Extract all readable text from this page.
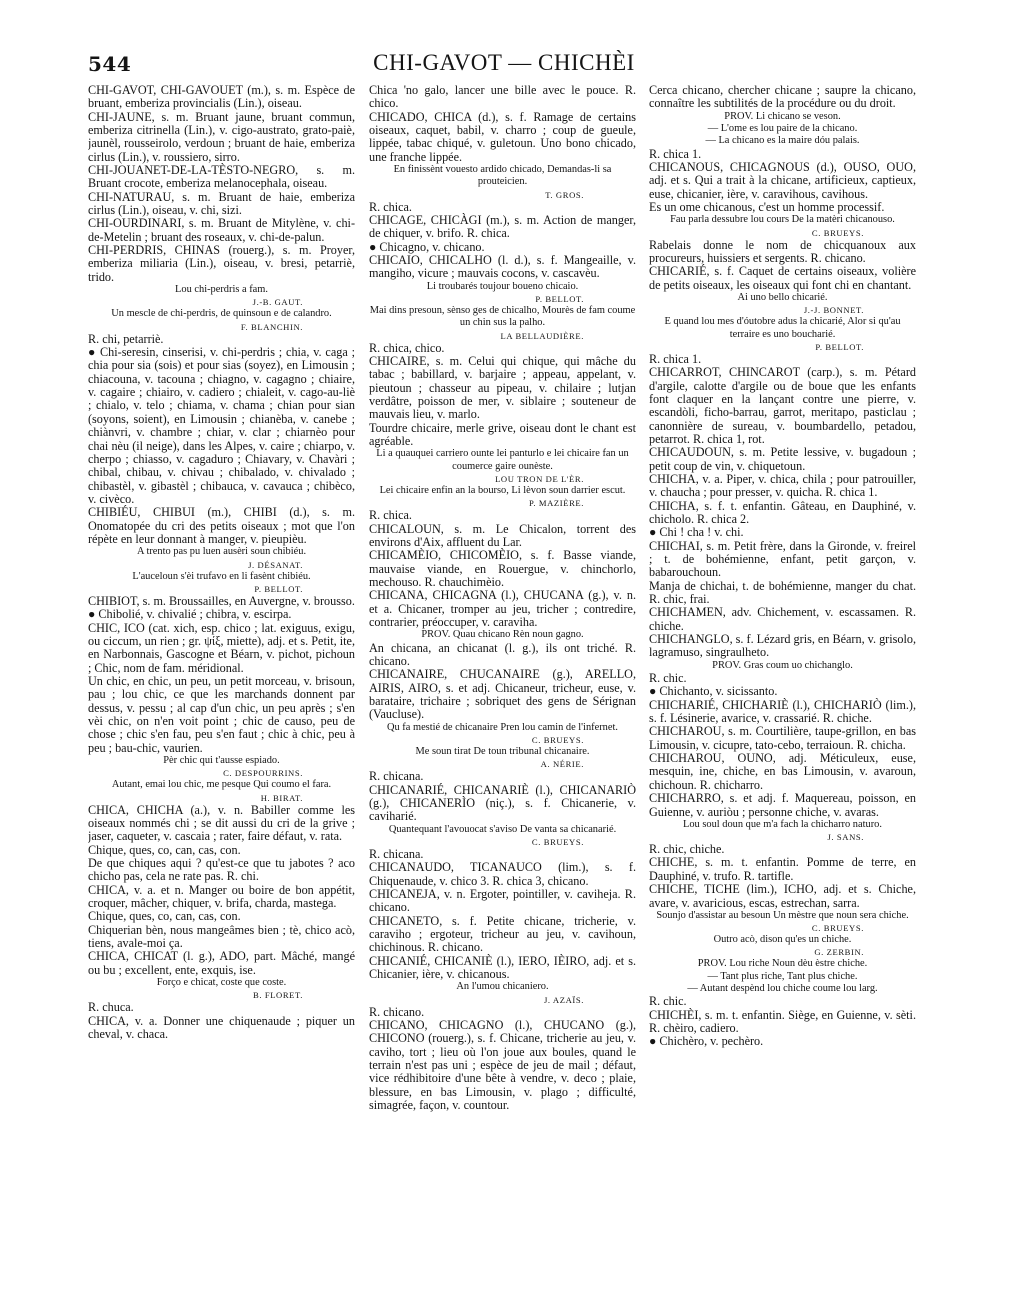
544	CHI-GAVOT — CHICHÈI

CHI-GAVOT, CHI-GAVOUET (m.), s. m. Espèce de bruant, emberiza provincialis (Lin.), oiseau.

CHI-JAUNE, s. m. Bruant jaune, bruant commun, emberiza citrinella (Lin.), v. cigo-austrato, grato-paiè, jaunèl, rousseirolo, verdoun ; bruant de haie, emberiza cirlus (Lin.), v. roussiero, sirro.

CHI-JOUANET-DE-LA-TÈSTO-NEGRO, s. m. Bruant crocote, emberiza melanocephala, oiseau.

CHI-NATURAU, s. m. Bruant de haie, emberiza cirlus (Lin.), oiseau, v. chi, sizi.

CHI-OURDINARI, s. m. Bruant de Mitylène, v. chi-de-Metelin ; bruant des roseaux, v. chi-de-palun.

CHI-PERDRIS, CHINAS (rouerg.), s. m. Proyer, emberiza miliaria (Lin.), oiseau, v. bresi, petarriè, trido.

Lou chi-perdris a fam.

J.-B. GAUT.

Un mescle de chi-perdris, de quinsoun e de calandro.

F. BLANCHIN.

R. chi, petarriè.

● Chi-seresin, cinserisi, v. chi-perdris ; chia, v. caga ; chia pour sia (sois) et pour sias (soyez), en Limousin ; chiacouna, v. tacouna ; chiagno, v. cagagno ; chiaire, v. cagaire ; chiairo, v. cadiero ; chialeit, v. cago-au-liè ; chialo, v. telo ; chiama, v. chama ; chian pour sian (soyons, soient), en Limousin ; chianèba, v. canebe ; chiànvri, v. chambre ; chiar, v. clar ; chiarnèo pour chai nèu (il neige), dans les Alpes, v. caire ; chiarpo, v. cherpo ; chiasso, v. cagaduro ; Chiavary, v. Chavàri ; chibal, chibau, v. chivau ; chibalado, v. chivalado ; chibastèl, v. gibastèl ; chibauca, v. cavauca ; chibèco, v. civèco.

CHIBIÉU, CHIBUI (m.), CHIBI (d.), s. m. Onomatopée du cri des petits oiseaux ; mot que l'on répète en leur donnant à manger, v. pieupièu.

A trento pas pu luen ausèri soun chibiéu.

J. DÉSANAT.

L'auceloun s'èi trufavo en li fasènt chibiéu.

P. BELLOT.

CHIBIOT, s. m. Broussailles, en Auvergne, v. brousso.

● Chibolié, v. chivalié ; chibra, v. escirpa.

CHIC, ICO (cat. xich, esp. chico ; lat. exiguus, exigu, ou ciccum, un rien ; gr. ψίξ, miette), adj. et s. Petit, ite, en Narbonnais, Gascogne et Béarn, v. pichot, pichoun ; Chic, nom de fam. méridional.

Un chic, en chic, un peu, un petit morceau, v. brisoun, pau ; lou chic, ce que les marchands donnent par dessus, v. pessu ; al cap d'un chic, un peu après ; s'en vèi chic, on n'en voit point ; chic de causo, peu de chose ; chic s'en fau, peu s'en faut ; chic à chic, peu à peu ; bau-chic, vaurien.

Pèr chic qui t'ausse espiado.

C. DESPOURRINS.

Autant, emai lou chic, me pesque Qui coumo el fara.

H. BIRAT.

CHICA, CHICHA (a.), v. n. Babiller comme les oiseaux nommés chi ; se dit aussi du cri de la grive ; jaser, caqueter, v. cascaia ; rater, faire défaut, v. rata.

Chique, ques, co, can, cas, con.

De que chiques aqui ? qu'est-ce que tu jabotes ? aco chicho pas, cela ne rate pas. R. chi.

CHICA, v. a. et n. Manger ou boire de bon appétit, croquer, mâcher, chiquer, v. brifa, charda, mastega.

Chique, ques, co, can, cas, con.

Chiquerian bèn, nous mangeâmes bien ; tè, chico acò, tiens, avale-moi ça.

CHICA, CHICAT (l. g.), ADO, part. Mâché, mangé ou bu ; excellent, ente, exquis, ise.

Forço e chicat, coste que coste.

B. FLORET.

R. chuca.

CHICA, v. a. Donner une chiquenaude ; piquer un cheval, v. chaca.

Chica 'no galo, lancer une bille avec le pouce. R. chico.

CHICADO, CHICA (d.), s. f. Ramage de certains oiseaux, caquet, babil, v. charro ; coup de gueule, lippée, tabac chiqué, v. guletoun. Uno bono chicado, une franche lippée.

En finissènt vouesto ardido chicado, Demandas-li sa prouteicien.

T. GROS.

R. chica.

CHICAGE, CHICÀGI (m.), s. m. Action de manger, de chiquer, v. brifo. R. chica.

● Chicagno, v. chicano.

CHICAIO, CHICALHO (l. d.), s. f. Mangeaille, v. mangiho, vicure ; mauvais cocons, v. cascavèu.

Li troubarés toujour boueno chicaio.

P. BELLOT.

Mai dins presoun, sènso ges de chicalho, Mourès de fam coume un chin sus la palho.

LA BELLAUDIÈRE.

R. chica, chico.

CHICAIRE, s. m. Celui qui chique, qui mâche du tabac ; babillard, v. barjaire ; appeau, appelant, v. pieutoun ; chasseur au pipeau, v. chilaire ; lutjan verdâtre, poisson de mer, v. siblaire ; souteneur de mauvais lieu, v. marlo.

Tourdre chicaire, merle grive, oiseau dont le chant est agréable.

Li a quauquei carriero ounte lei panturlo e lei chicaire fan un coumerce gaire ounèste.

LOU TRON DE L'ÈR.

Lei chicaire enfin an la bourso, Li lèvon soun darrier escut.

P. MAZIÈRE.

R. chica.

CHICALOUN, s. m. Le Chicalon, torrent des environs d'Aix, affluent du Lar.

CHICAMÈIO, CHICOMÈIO, s. f. Basse viande, mauvaise viande, en Rouergue, v. chinchorlo, mechouso. R. chauchimèio.

CHICANA, CHICAGNA (l.), CHUCANA (g.), v. n. et a. Chicaner, tromper au jeu, tricher ; contredire, contrarier, préoccuper, v. caraviha.

PROV. Quau chicano Rèn noun gagno.

An chicana, an chicanat (l. g.), ils ont triché. R. chicano.

CHICANAIRE, CHUCANAIRE (g.), ARELLO, AIRIS, AIRO, s. et adj. Chicaneur, tricheur, euse, v. barataire, trichaire ; sobriquet des gens de Sérignan (Vaucluse).

Qu fa mestié de chicanaire Pren lou camin de l'infernet.

C. BRUEYS.

Me soun tirat De toun tribunal chicanaire.

A. NÉRIE.

R. chicana.

CHICANARIÉ, CHICANARIÈ (l.), CHICANARIÒ (g.), CHICANERÌO (niç.), s. f. Chicanerie, v. caviharié.

Quantequant l'avouocat s'aviso De vanta sa chicanarié.

C. BRUEYS.

R. chicana.

CHICANAUDO, TICANAUCO (lim.), s. f. Chiquenaude, v. chico 3. R. chica 3, chicano.

CHICANEJA, v. n. Ergoter, pointiller, v. caviheja. R. chicano.

CHICANETO, s. f. Petite chicane, tricherie, v. caraviho ; ergoteur, tricheur au jeu, v. cavihoun, chichinous. R. chicano.

CHICANIÉ, CHICANIÈ (l.), IERO, IÈIRO, adj. et s. Chicanier, ière, v. chicanous.

An l'umou chicaniero.

J. AZAÏS.

R. chicano.

CHICANO, CHICAGNO (l.), CHUCANO (g.), CHICONO (rouerg.), s. f. Chicane, tricherie au jeu, v. caviho, tort ; lieu où l'on joue aux boules, quand le terrain n'est pas uni ; espèce de jeu de mail ; défaut, vice rédhibitoire d'une bête à vendre, v. deco ; plaie, blessure, en bas Limousin, v. plago ; difficulté, simagrée, façon, v. countour.

Cerca chicano, chercher chicane ; saupre la chicano, connaître les subtilités de la procédure ou du droit.

PROV. Li chicano se veson.

— L'ome es lou paire de la chicano.

— La chicano es la maire dóu palais.

R. chica 1.

CHICANOUS, CHICAGNOUS (d.), OUSO, OUO, adj. et s. Qui a trait à la chicane, artificieux, captieux, euse, chicanier, ière, v. caravihous, cavihous.

Es un ome chicanous, c'est un homme processif.

Fau parla dessubre lou cours De la matèri chicanouso.

C. BRUEYS.

Rabelais donne le nom de chicquanoux aux procureurs, huissiers et sergents. R. chicano.

CHICARIÉ, s. f. Caquet de certains oiseaux, volière de petits oiseaux, les oiseaux qui font chi en chantant.

Ai uno bello chicarié.

J.-J. BONNET.

E quand lou mes d'óutobre adus la chicarié, Alor si qu'au terraire es uno boucharié.

P. BELLOT.

R. chica 1.

CHICARROT, CHINCAROT (carp.), s. m. Pétard d'argile, calotte d'argile ou de boue que les enfants font claquer en la lançant contre une pierre, v. escandòli, ficho-barrau, garrot, meritapo, pasticlau ; canonnière de sureau, v. boumbardello, petadou, petarrot. R. chica 1, rot.

CHICAUDOUN, s. m. Petite lessive, v. bugadoun ; petit coup de vin, v. chiquetoun.

CHICHA, v. a. Piper, v. chica, chila ; pour patrouiller, v. chaucha ; pour presser, v. quicha. R. chica 1.

CHICHA, s. f. t. enfantin. Gâteau, en Dauphiné, v. chicholo. R. chica 2.

● Chi ! cha ! v. chi.

CHICHAI, s. m. Petit frère, dans la Gironde, v. freirel ; t. de bohémienne, enfant, petit garçon, v. babarouchoun.

Manja de chichai, t. de bohémienne, manger du chat. R. chic, frai.

CHICHAMEN, adv. Chichement, v. escassamen. R. chiche.

CHICHANGLO, s. f. Lézard gris, en Béarn, v. grisolo, lagramuso, singraulheto.

PROV. Gras coum uo chichanglo.

R. chic.

● Chichanto, v. sicissanto.

CHICHARIÉ, CHICHARIÈ (l.), CHICHARIÒ (lim.), s. f. Lésinerie, avarice, v. crassarié. R. chiche.

CHICHAROU, s. m. Courtilière, taupe-grillon, en bas Limousin, v. cicupre, tato-cebo, terraioun. R. chicha.

CHICHAROU, OUNO, adj. Méticuleux, euse, mesquin, ine, chiche, en bas Limousin, v. avaroun, chichoun. R. chicharro.

CHICHARRO, s. et adj. f. Maquereau, poisson, en Guienne, v. auriòu ; personne chiche, v. avaras.

Lou soul doun que m'a fach la chicharro naturo.

J. SANS.

R. chic, chiche.

CHICHE, s. m. t. enfantin. Pomme de terre, en Dauphiné, v. trufo. R. tartifle.

CHICHE, TICHE (lim.), ICHO, adj. et s. Chiche, avare, v. avaricious, escas, estrechan, sarra.

Sounjo d'assistar au besoun Un mèstre que noun sera chiche.

C. BRUEYS.

Outro acò, dison qu'es un chiche.

G. ZERBIN.

PROV. Lou riche Noun dèu èstre chiche.

— Tant plus riche, Tant plus chiche.

— Autant despènd lou chiche coume lou larg.

R. chic.

CHICHÈI, s. m. t. enfantin. Siège, en Guienne, v. sèti. R. chèiro, cadiero.

● Chichèro, v. pechèro.
